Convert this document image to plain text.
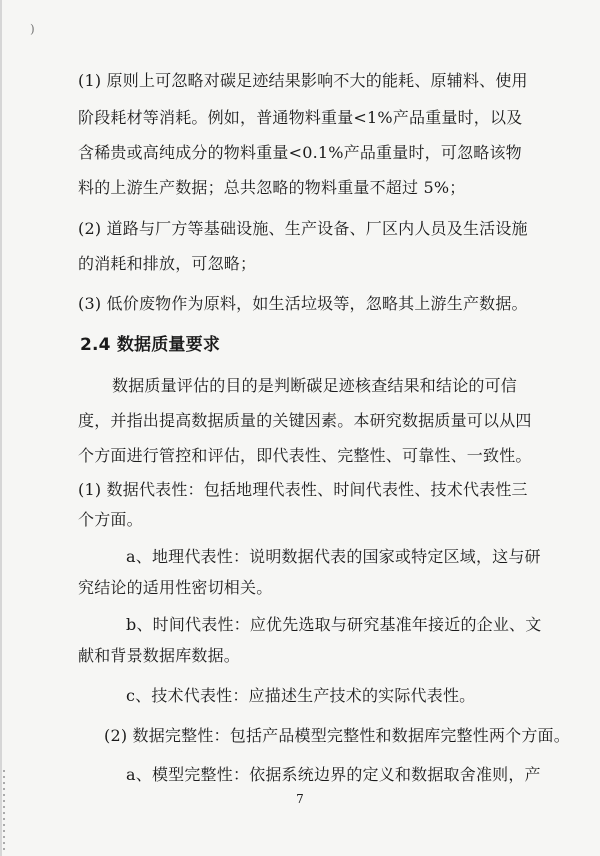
)
(1) 原则上可忽略对碳足迹结果影响不大的能耗、原辅料、使用
阶段耗材等消耗。例如，普通物料重量<1%产品重量时，以及
含稀贵或高纯成分的物料重量<0.1%产品重量时，可忽略该物
料的上游生产数据；总共忽略的物料重量不超过 5%；
(2) 道路与厂方等基础设施、生产设备、厂区内人员及生活设施
的消耗和排放，可忽略；
(3) 低价废物作为原料，如生活垃圾等，忽略其上游生产数据。
2.4 数据质量要求
数据质量评估的目的是判断碳足迹核查结果和结论的可信
度，并指出提高数据质量的关键因素。本研究数据质量可以从四
个方面进行管控和评估，即代表性、完整性、可靠性、一致性。
(1) 数据代表性：包括地理代表性、时间代表性、技术代表性三
个方面。
a、地理代表性：说明数据代表的国家或特定区域，这与研
究结论的适用性密切相关。
b、时间代表性：应优先选取与研究基准年接近的企业、文
献和背景数据库数据。
c、技术代表性：应描述生产技术的实际代表性。
(2) 数据完整性：包括产品模型完整性和数据库完整性两个方面。
a、模型完整性：依据系统边界的定义和数据取舍准则，产
7
